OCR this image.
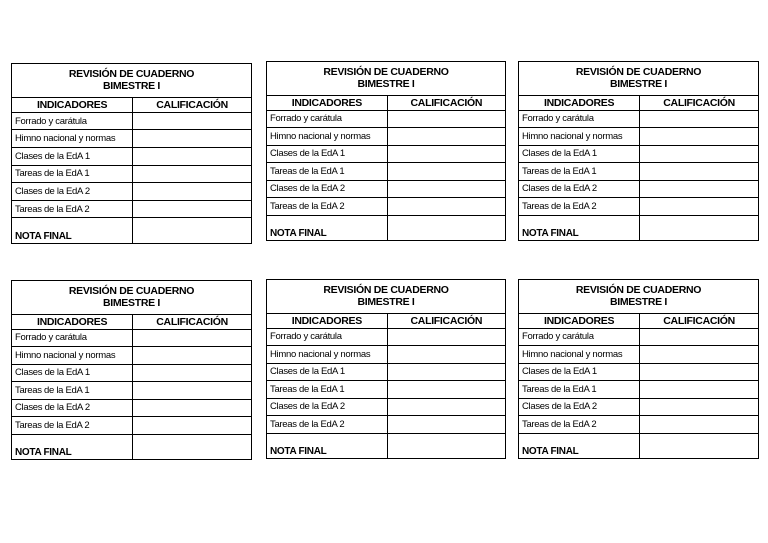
REVISIÓN DE CUADERNO
BIMESTRE I	

INDICADORES	CALIFICACIÓN
Forrado y carátula	
Himno nacional y normas	
Clases de la EdA 1	
Tareas de la EdA 1	
Clases de la EdA 2	
Tareas de la EdA 2	
NOTA FINAL	
REVISIÓN DE CUADERNO
BIMESTRE I	

INDICADORES	CALIFICACIÓN
Forrado y carátula	
Himno nacional y normas	
Clases de la EdA 1	
Tareas de la EdA 1	
Clases de la EdA 2	
Tareas de la EdA 2	
NOTA FINAL	
REVISIÓN DE CUADERNO
BIMESTRE I	

INDICADORES	CALIFICACIÓN
Forrado y carátula	
Himno nacional y normas	
Clases de la EdA 1	
Tareas de la EdA 1	
Clases de la EdA 2	
Tareas de la EdA 2	
NOTA FINAL	
REVISIÓN DE CUADERNO
BIMESTRE I	

INDICADORES	CALIFICACIÓN
Forrado y carátula	
Himno nacional y normas	
Clases de la EdA 1	
Tareas de la EdA 1	
Clases de la EdA 2	
Tareas de la EdA 2	
NOTA FINAL	
REVISIÓN DE CUADERNO
BIMESTRE I	

INDICADORES	CALIFICACIÓN
Forrado y carátula	
Himno nacional y normas	
Clases de la EdA 1	
Tareas de la EdA 1	
Clases de la EdA 2	
Tareas de la EdA 2	
NOTA FINAL	
REVISIÓN DE CUADERNO
BIMESTRE I	

INDICADORES	CALIFICACIÓN
Forrado y carátula	
Himno nacional y normas	
Clases de la EdA 1	
Tareas de la EdA 1	
Clases de la EdA 2	
Tareas de la EdA 2	
NOTA FINAL	
